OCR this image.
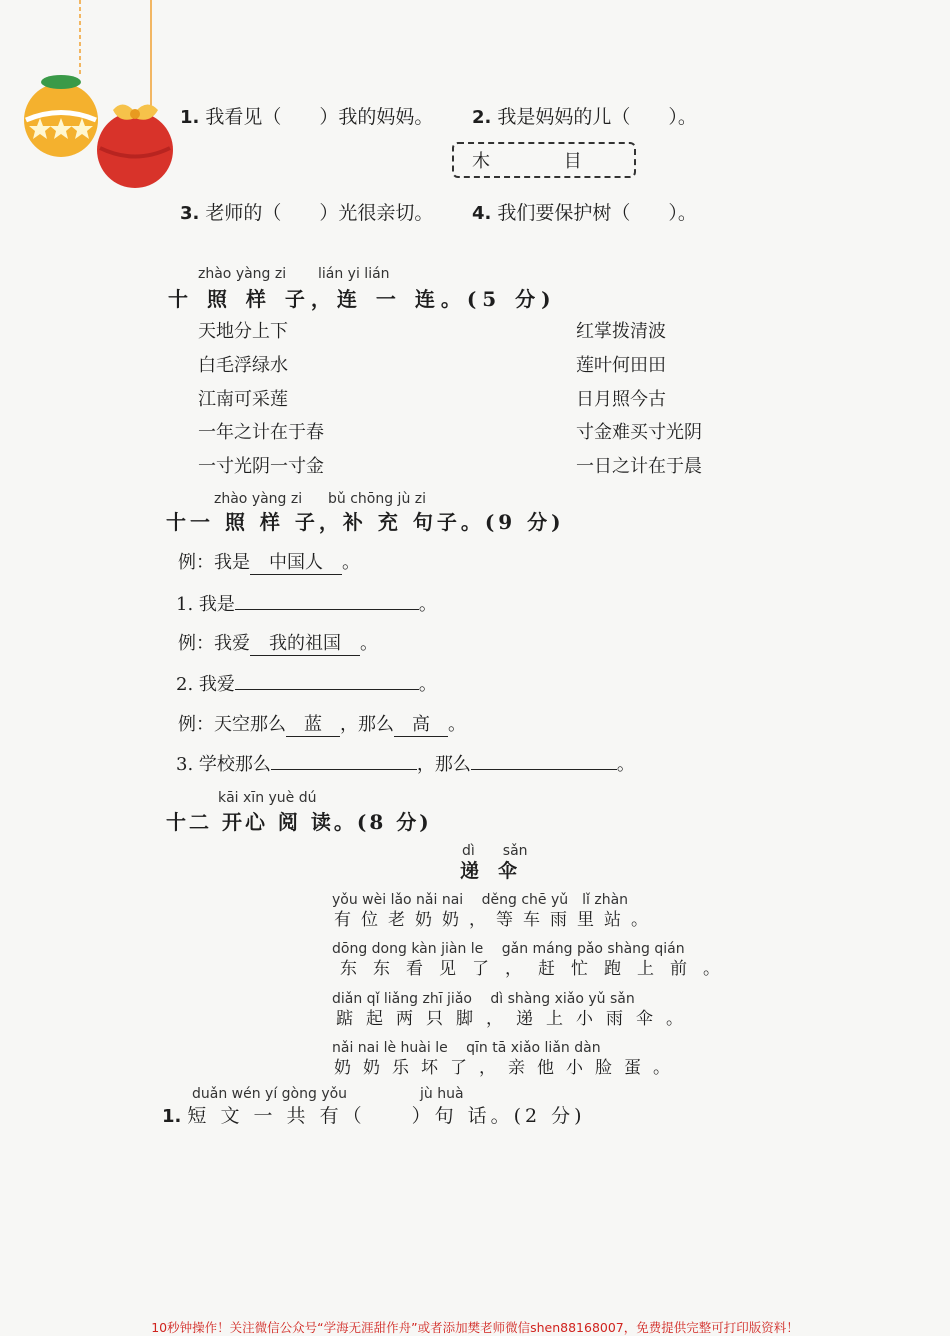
1. 我看见（　　）我的妈妈。 2. 我是妈妈的儿（　　）。
木 目
3. 老师的（　　）光很亲切。 4. 我们要保护树（　　）。
zhào yàng zi lián yi lián
十 照 样 子，连 一 连。(5 分)
天地分上下
白毛浮绿水
江南可采莲
一年之计在于春
一寸光阴一寸金
红掌拨清波
莲叶何田田
日月照今古
寸金难买寸光阴
一日之计在于晨
zhào yàng zi bǔ chōng jù zi
十一 照 样 子，补 充 句子。(9 分)
例：我是 中国人 。
1. 我是	。
例：我爱 我的祖国 。
2. 我爱	。
例：天空那么 蓝 ，那么 高 。
3. 学校那么	，那么	。
kāi xīn yuè dú
十二 开心 阅 读。(8 分)
dì　　sǎn
递　伞
yǒu wèi lǎo nǎi nai　 děng chē yǔ　lǐ zhàn
有位老奶奶，等车雨里站。
dōng dong kàn jiàn le　 gǎn máng pǎo shàng qián
东东看见了，赶忙跑上前。
diǎn qǐ liǎng zhī jiǎo　 dì shàng xiǎo yǔ sǎn
踮起两只脚，递上小雨伞。
nǎi nai lè huài le　 qīn tā xiǎo liǎn dàn
奶奶乐坏了，亲他小脸蛋。
duǎn wén yí gòng yǒu	jù huà
1. 短 文 一 共 有（　　）句 话。(2 分)
10秒钟操作！关注微信公众号“学海无涯甜作舟”或者添加樊老师微信shen88168007，免费提供完整可打印版资料！
